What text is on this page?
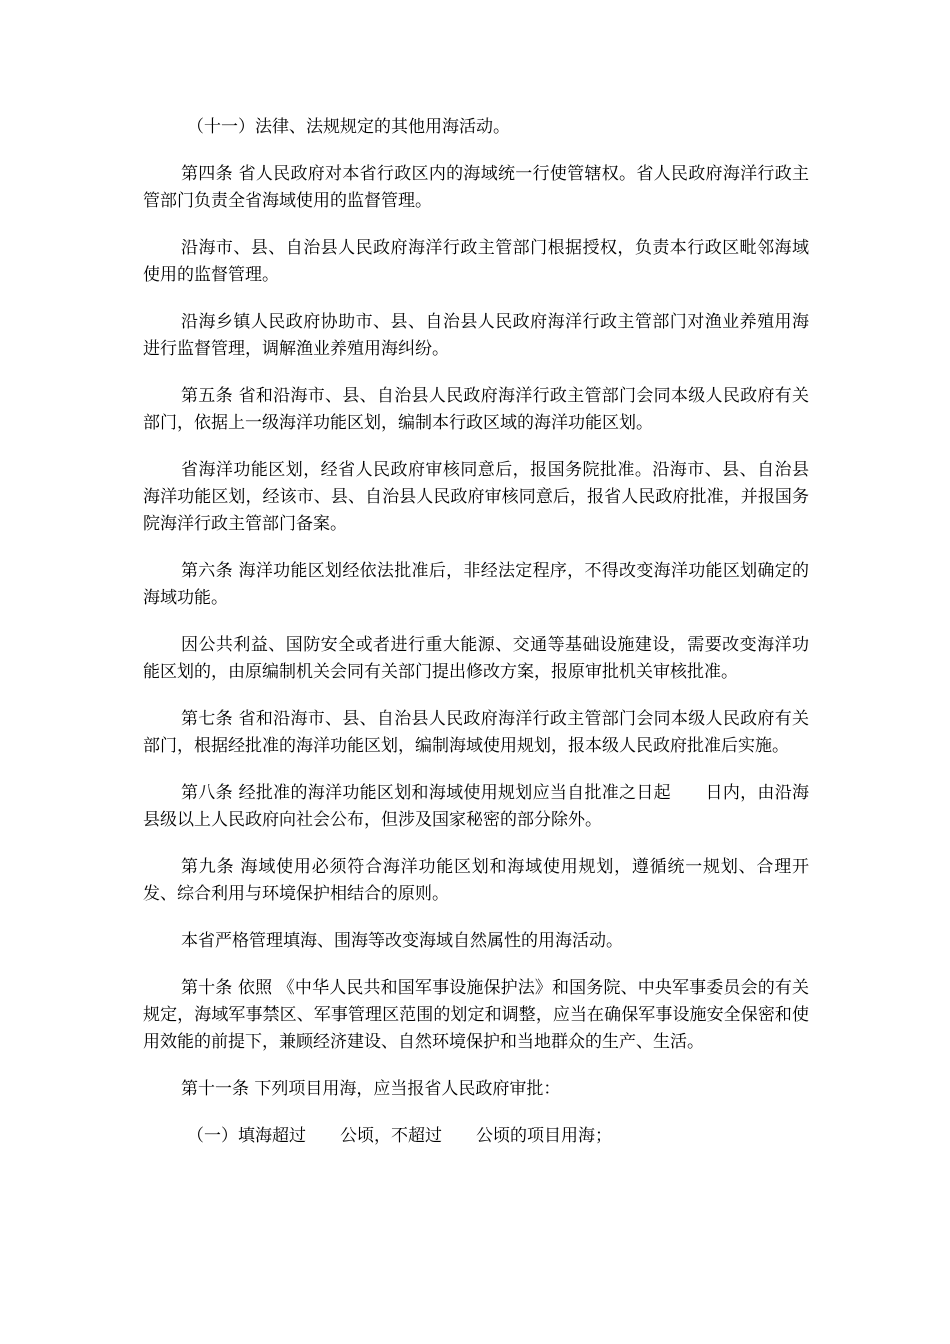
（十一）法律、法规规定的其他用海活动。

第四条 省人民政府对本省行政区内的海域统一行使管辖权。省人民政府海洋行政主管部门负责全省海域使用的监督管理。

沿海市、县、自治县人民政府海洋行政主管部门根据授权，负责本行政区毗邻海域使用的监督管理。

沿海乡镇人民政府协助市、县、自治县人民政府海洋行政主管部门对渔业养殖用海进行监督管理，调解渔业养殖用海纠纷。

第五条 省和沿海市、县、自治县人民政府海洋行政主管部门会同本级人民政府有关部门，依据上一级海洋功能区划，编制本行政区域的海洋功能区划。

省海洋功能区划，经省人民政府审核同意后，报国务院批准。沿海市、县、自治县海洋功能区划，经该市、县、自治县人民政府审核同意后，报省人民政府批准，并报国务院海洋行政主管部门备案。

第六条 海洋功能区划经依法批准后，非经法定程序，不得改变海洋功能区划确定的海域功能。

因公共利益、国防安全或者进行重大能源、交通等基础设施建设，需要改变海洋功能区划的，由原编制机关会同有关部门提出修改方案，报原审批机关审核批准。

第七条 省和沿海市、县、自治县人民政府海洋行政主管部门会同本级人民政府有关部门，根据经批准的海洋功能区划，编制海域使用规划，报本级人民政府批准后实施。

第八条 经批准的海洋功能区划和海域使用规划应当自批准之日起　　日内，由沿海县级以上人民政府向社会公布，但涉及国家秘密的部分除外。

第九条 海域使用必须符合海洋功能区划和海域使用规划，遵循统一规划、合理开发、综合利用与环境保护相结合的原则。

本省严格管理填海、围海等改变海域自然属性的用海活动。

第十条 依照 《中华人民共和国军事设施保护法》和国务院、中央军事委员会的有关规定，海域军事禁区、军事管理区范围的划定和调整，应当在确保军事设施安全保密和使用效能的前提下，兼顾经济建设、自然环境保护和当地群众的生产、生活。

第十一条 下列项目用海，应当报省人民政府审批：

（一）填海超过　　公顷，不超过　　公顷的项目用海；
